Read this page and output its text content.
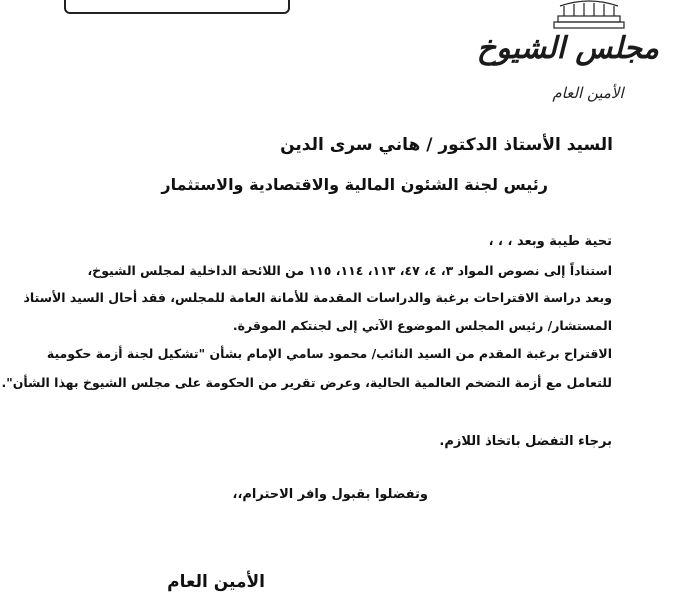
مجلس الشيوخ
الأمين العام
السيد الأستاذ الدكتور / هاني سرى الدين
رئيس لجنة الشئون المالية والاقتصادية والاستثمار
تحية طيبة وبعد ، ، ،
استناداً إلى نصوص المواد ٣، ٤، ٤٧، ١١٣، ١١٤، ١١٥ من اللائحة الداخلية لمجلس الشيوخ،
وبعد دراسة الاقتراحات برغبة والدراسات المقدمة للأمانة العامة للمجلس، فقد أحال السيد الأستاذ
المستشار/ رئيس المجلس الموضوع الآتي إلى لجنتكم الموقرة.
الاقتراح برغبة المقدم من السيد النائب/ محمود سامي الإمام بشأن "تشكيل لجنة أزمة حكومية
للتعامل مع أزمة التضخم العالمية الحالية، وعرض تقرير من الحكومة على مجلس الشيوخ بهذا الشأن".
برجاء التفضل باتخاذ اللازم.
وتفضلوا بقبول وافر الاحترام،،
الأمين العام
